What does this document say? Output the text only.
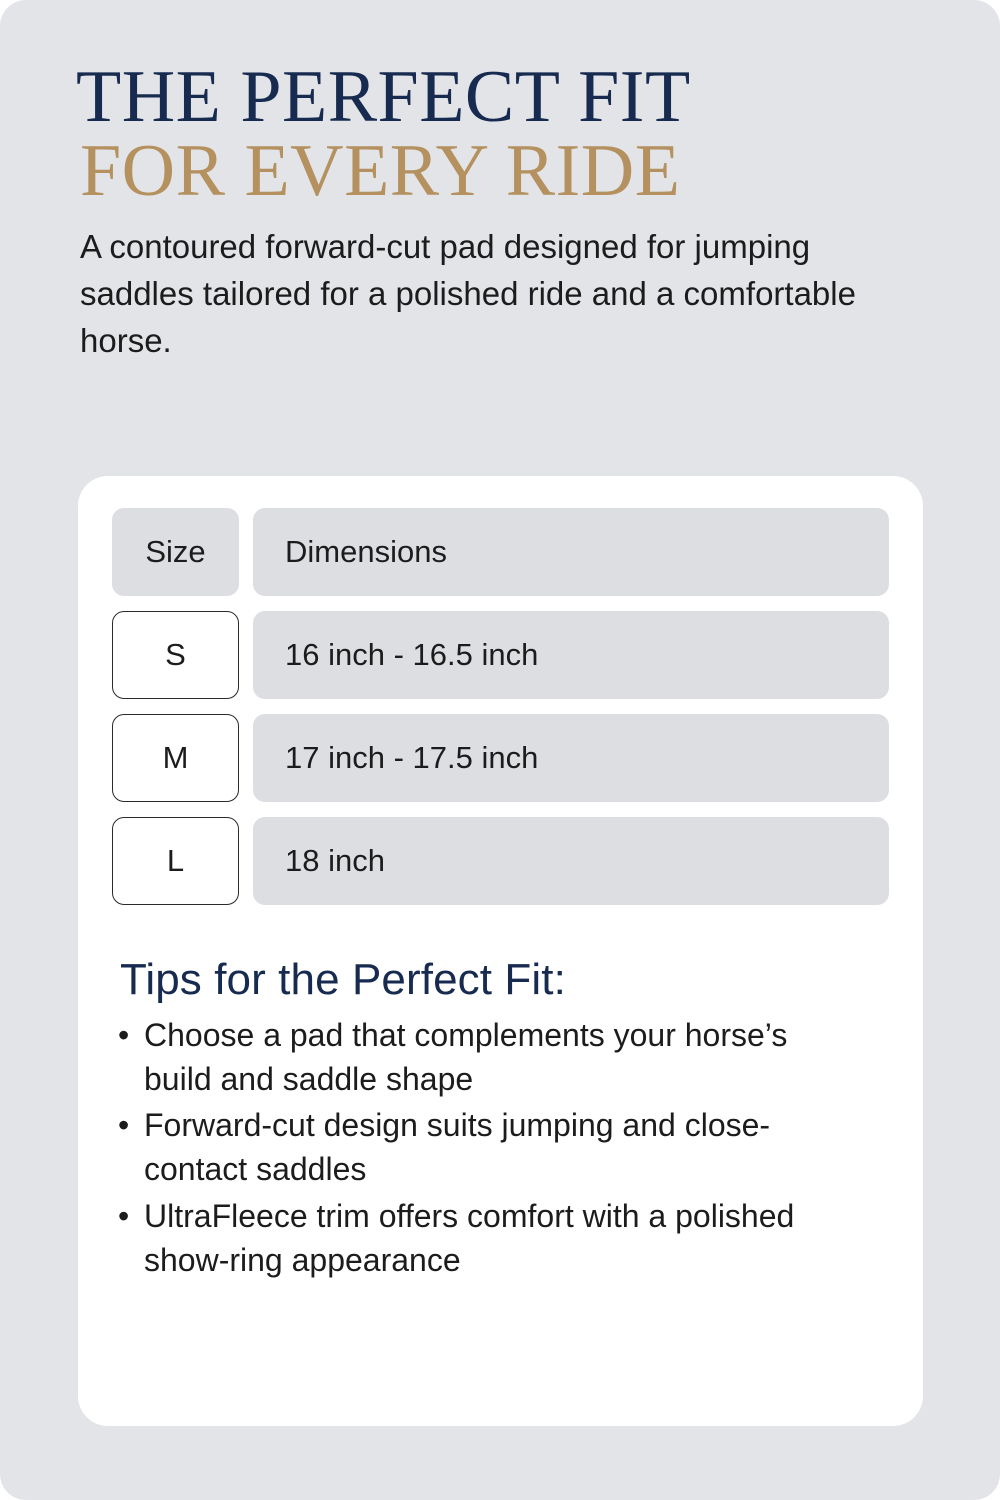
THE PERFECT FIT
FOR EVERY RIDE

A contoured forward-cut pad designed for jumping saddles tailored for a polished ride and a comfortable horse.

Size	Dimensions
S	16 inch - 16.5 inch
M	17 inch - 17.5 inch
L	18 inch
Tips for the Perfect Fit:
• Choose a pad that complements your horse’s build and saddle shape
• Forward-cut design suits jumping and close-contact saddles
• UltraFleece trim offers comfort with a polished show-ring appearance
